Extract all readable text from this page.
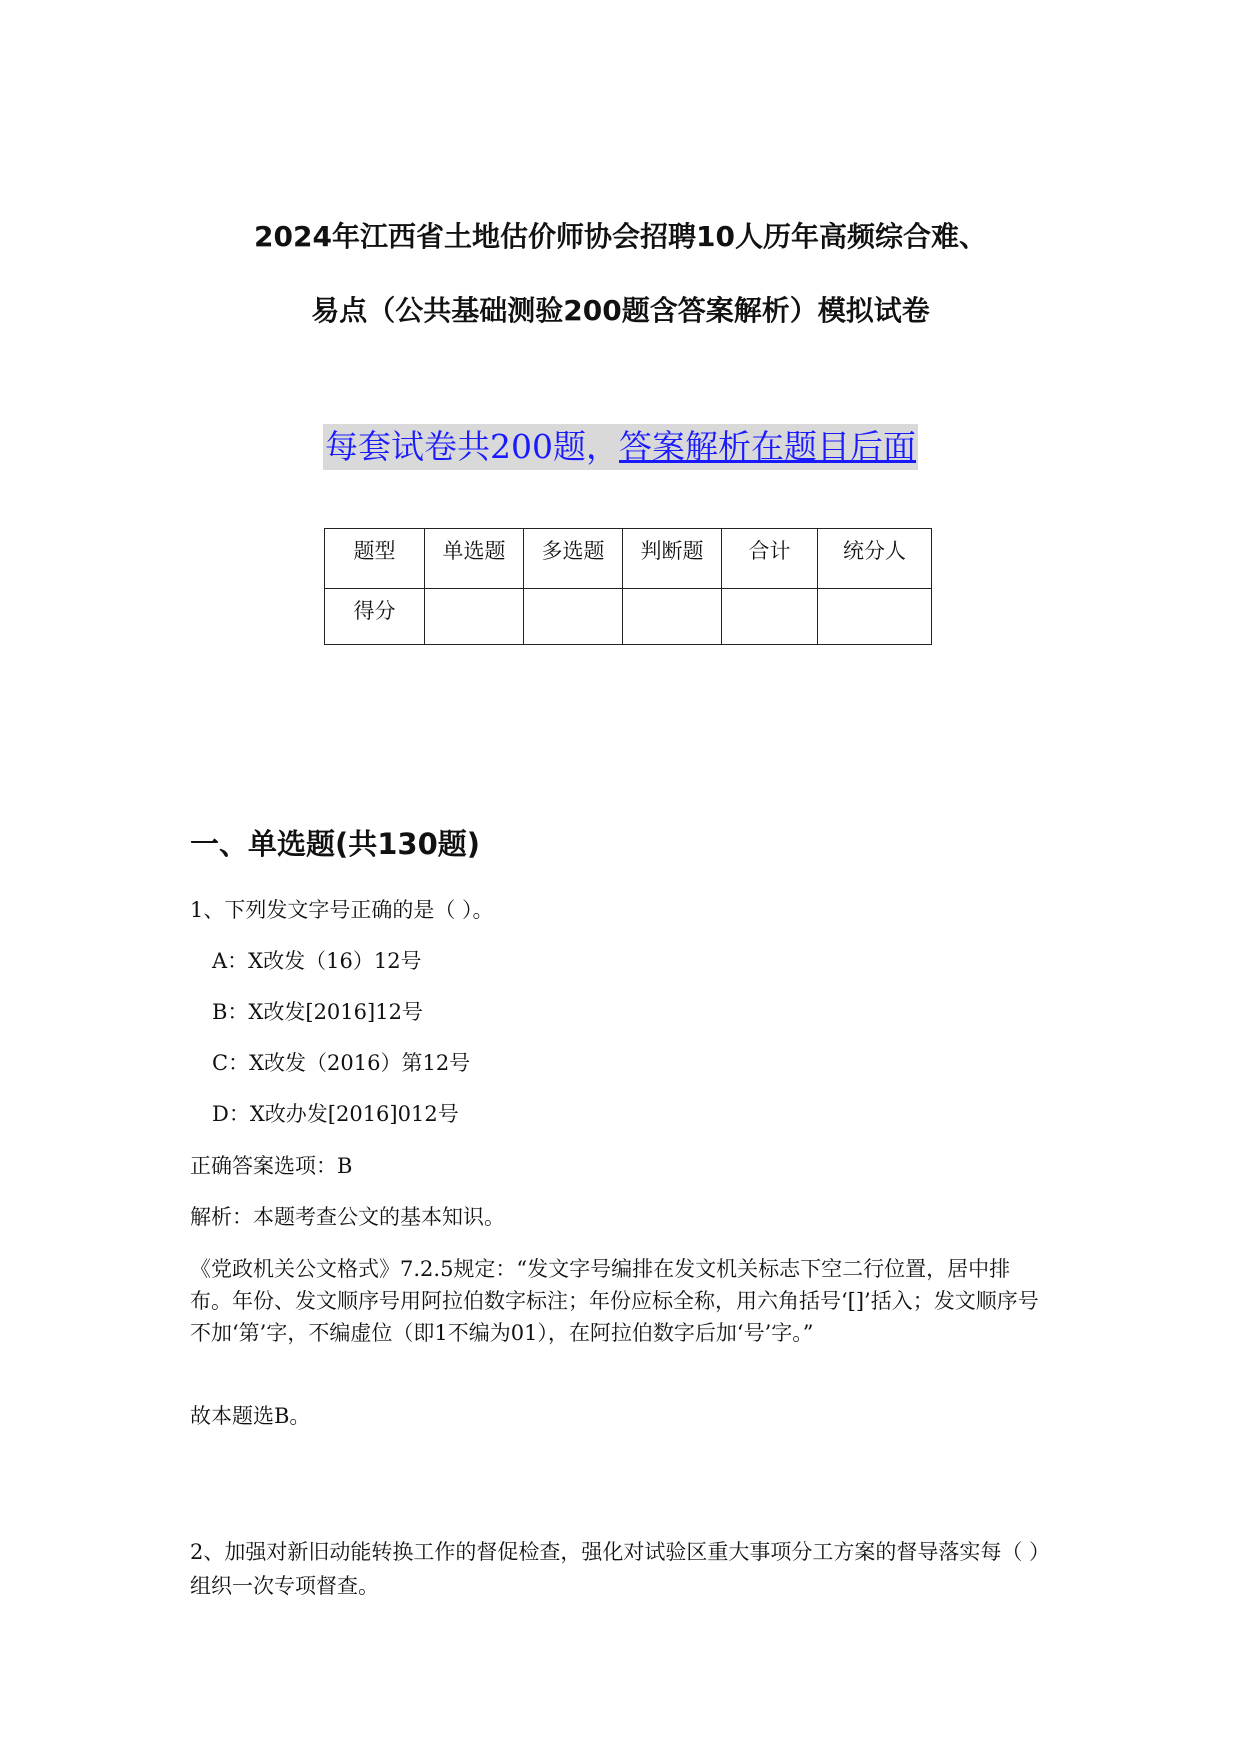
2024年江西省土地估价师协会招聘10人历年高频综合难、
易点（公共基础测验200题含答案解析）模拟试卷
每套试卷共200题，答案解析在题目后面
题型	单选题	多选题	判断题	合计	统分人
得分					
一、单选题(共130题)
1、下列发文字号正确的是（ ）。
A：X改发（16）12号
B：X改发[2016]12号
C：X改发（2016）第12号
D：X改办发[2016]012号
正确答案选项：B
解析：本题考查公文的基本知识。
《党政机关公文格式》7.2.5规定：“发文字号编排在发文机关标志下空二行位置，居中排布。年份、发文顺序号用阿拉伯数字标注；年份应标全称，用六角括号‘[]’括入；发文顺序号不加‘第’字，不编虚位（即1不编为01），在阿拉伯数字后加‘号’字。”
故本题选B。
2、加强对新旧动能转换工作的督促检查，强化对试验区重大事项分工方案的督导落实每（ ）组织一次专项督查。
